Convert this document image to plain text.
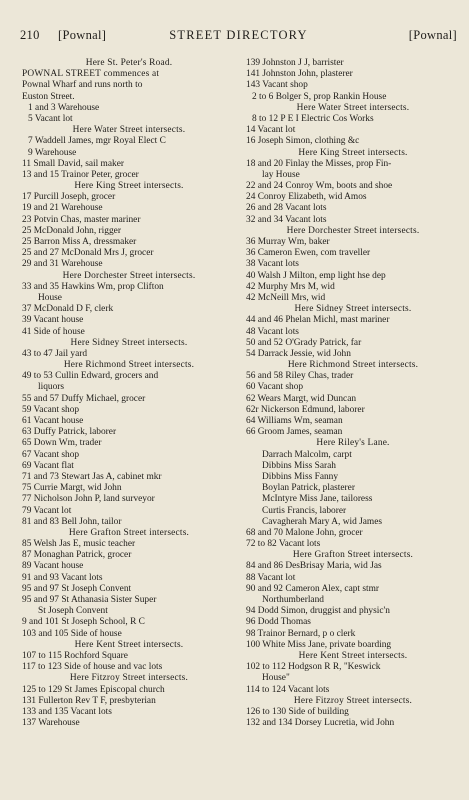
210 [Pownal]	STREET DIRECTORY	[Pownal]
Here St. Peter's Road.
POWNAL STREET commences at
Pownal Wharf and runs north to
Euston Street.
1 and 3 Warehouse
5 Vacant lot
Here Water Street intersects.
7 Waddell James, mgr Royal Elect C
9 Warehouse
11 Small David, sail maker
13 and 15 Trainor Peter, grocer
Here King Street intersects.
17 Purcill Joseph, grocer
19 and 21 Warehouse
23 Potvin Chas, master mariner
25 McDonald John, rigger
25 Barron Miss A, dressmaker
25 and 27 McDonald Mrs J, grocer
29 and 31 Warehouse
Here Dorchester Street intersects.
33 and 35 Hawkins Wm, prop Clifton
House
37 McDonald D F, clerk
39 Vacant house
41 Side of house
Here Sidney Street intersects.
43 to 47 Jail yard
Here Richmond Street intersects.
49 to 53 Cullin Edward, grocers and
liquors
55 and 57 Duffy Michael, grocer
59 Vacant shop
61 Vacant house
63 Duffy Patrick, laborer
65 Down Wm, trader
67 Vacant shop
69 Vacant flat
71 and 73 Stewart Jas A, cabinet mkr
75 Currie Margt, wid John
77 Nicholson John P, land surveyor
79 Vacant lot
81 and 83 Bell John, tailor
Here Grafton Street intersects.
85 Welsh Jas E, music teacher
87 Monaghan Patrick, grocer
89 Vacant house
91 and 93 Vacant lots
95 and 97 St Joseph Convent
95 and 97 St Athanasia Sister Super
St Joseph Convent
9 and 101 St Joseph School, R C
103 and 105 Side of house
Here Kent Street intersects.
107 to 115 Rochford Square
117 to 123 Side of house and vac lots
Here Fitzroy Street intersects.
125 to 129 St James Episcopal church
131 Fullerton Rev T F, presbyterian
133 and 135 Vacant lots
137 Warehouse
139 Johnston J J, barrister
141 Johnston John, plasterer
143 Vacant shop
2 to 6 Bolger S, prop Rankin House
Here Water Street intersects.
8 to 12 P E I Electric Cos Works
14 Vacant lot
16 Joseph Simon, clothing &c
Here King Street intersects.
18 and 20 Finlay the Misses, prop Fin-
lay House
22 and 24 Conroy Wm, boots and shoe
24 Conroy Elizabeth, wid Amos
26 and 28 Vacant lots
32 and 34 Vacant lots
Here Dorchester Street intersects.
36 Murray Wm, baker
36 Cameron Ewen, com traveller
38 Vacant lots
40 Walsh J Milton, emp light hse dep
42 Murphy Mrs M, wid
42 McNeill Mrs, wid
Here Sidney Street intersects.
44 and 46 Phelan Michl, mast mariner
48 Vacant lots
50 and 52 O'Grady Patrick, far
54 Darrack Jessie, wid John
Here Richmond Street intersects.
56 and 58 Riley Chas, trader
60 Vacant shop
62 Wears Margt, wid Duncan
62r Nickerson Edmund, laborer
64 Williams Wm, seaman
66 Groom James, seaman
Here Riley's Lane.
Darrach Malcolm, carpt
Dibbins Miss Sarah
Dibbins Miss Fanny
Boylan Patrick, plasterer
McIntyre Miss Jane, tailoress
Curtis Francis, laborer
Cavagherah Mary A, wid James
68 and 70 Malone John, grocer
72 to 82 Vacant lots
Here Grafton Street intersects.
84 and 86 DesBrisay Maria, wid Jas
88 Vacant lot
90 and 92 Cameron Alex, capt stmr
Northumberland
94 Dodd Simon, druggist and physic'n
96 Dodd Thomas
98 Trainor Bernard, p o clerk
100 White Miss Jane, private boarding
Here Kent Street intersects.
102 to 112 Hodgson R R, "Keswick
House"
114 to 124 Vacant lots
Here Fitzroy Street intersects.
126 to 130 Side of building
132 and 134 Dorsey Lucretia, wid John
